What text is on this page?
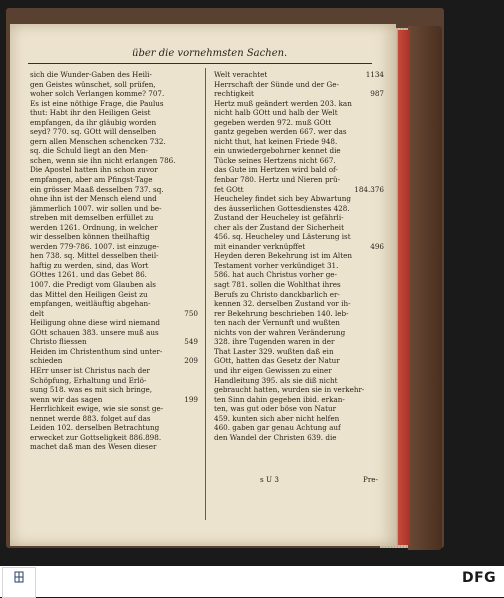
über die vornehmsten Sachen.
sich die Wunder-Gaben des Heili-
gen Geistes wünschet, soll prüfen,
woher solch Verlangen komme? 707.
Es ist eine nöthige Frage, die Paulus
thut: Habt ihr den Heiligen Geist
empfangen, da ihr gläubig worden
seyd? 770. sq. GOtt will denselben
gern allen Menschen schencken 732.
sq. die Schuld liegt an den Men-
schen, wenn sie ihn nicht erlangen 786.
Die Apostel hatten ihn schon zuvor
empfangen, aber am Pfingst-Tage
ein grösser Maaß desselben 737. sq.
ohne ihn ist der Mensch elend und
jämmerlich 1007. wir sollen und be-
streben mit demselben erfüllet zu
werden 1261. Ordnung, in welcher
wir desselben können theilhaftig
werden 779-786. 1007. ist einzuge-
hen 738. sq. Mittel desselben theil-
haftig zu werden, sind, das Wort
GOttes 1261. und das Gebet 86.
1007. die Predigt vom Glauben als
das Mittel den Heiligen Geist zu
empfangen, weitläuftig abgehan-
delt	750
Heiligung ohne diese wird niemand
GOtt schauen 383. unsere muß aus
Christo fliessen	549
Heiden im Christenthum sind unter-
schieden	209
HErr unser ist Christus nach der
Schöpfung, Erhaltung und Erlö-
sung 518. was es mit sich bringe,
wenn wir das sagen	199
Herrlichkeit ewige, wie sie sonst ge-
nennet werde 883. folget auf das
Leiden 102. derselben Betrachtung
erwecket zur Gottseligkeit 886.898.
machet daß man des Wesen dieser
Welt verachtet	1134
Herrschaft der Sünde und der Ge-
rechtigkeit	987
Hertz muß geändert werden 203. kan
nicht halb GOtt und halb der Welt
gegeben werden 972. muß GOtt
gantz gegeben werden 667. wer das
nicht thut, hat keinen Friede 948.
ein unwiedergebohrner kennet die
Tücke seines Hertzens nicht 667.
das Gute im Hertzen wird bald of-
fenbar 780. Hertz und Nieren prü-
fet GOtt	184.376
Heucheley findet sich bey Abwartung
des äusserlichen Gottesdienstes 428.
Zustand der Heucheley ist gefährli-
cher als der Zustand der Sicherheit
456. sq. Heucheley und Lästerung ist
mit einander verknüpffet	496
Heyden deren Bekehrung ist im Alten
Testament vorher verkündiget 31.
586. hat auch Christus vorher ge-
sagt 781. sollen die Wohlthat ihres
Berufs zu Christo danckbarlich er-
kennen 32. derselben Zustand vor ih-
rer Bekehrung beschrieben 140. leb-
ten nach der Vernunft und wußten
nichts von der wahren Veränderung
328. ihre Tugenden waren in der
That Laster 329. wußten daß ein
GOtt, hatten das Gesetz der Natur
und ihr eigen Gewissen zu einer
Handleitung 395. als sie diß nicht
gebraucht hatten, wurden sie in verkehr-
ten Sinn dahin gegeben ibid. erkan-
ten, was gut oder böse von Natur
459. kunten sich aber nicht helfen
460. gaben gar genau Achtung auf
den Wandel der Christen 639. die
s U 3	Pre-
DFG
